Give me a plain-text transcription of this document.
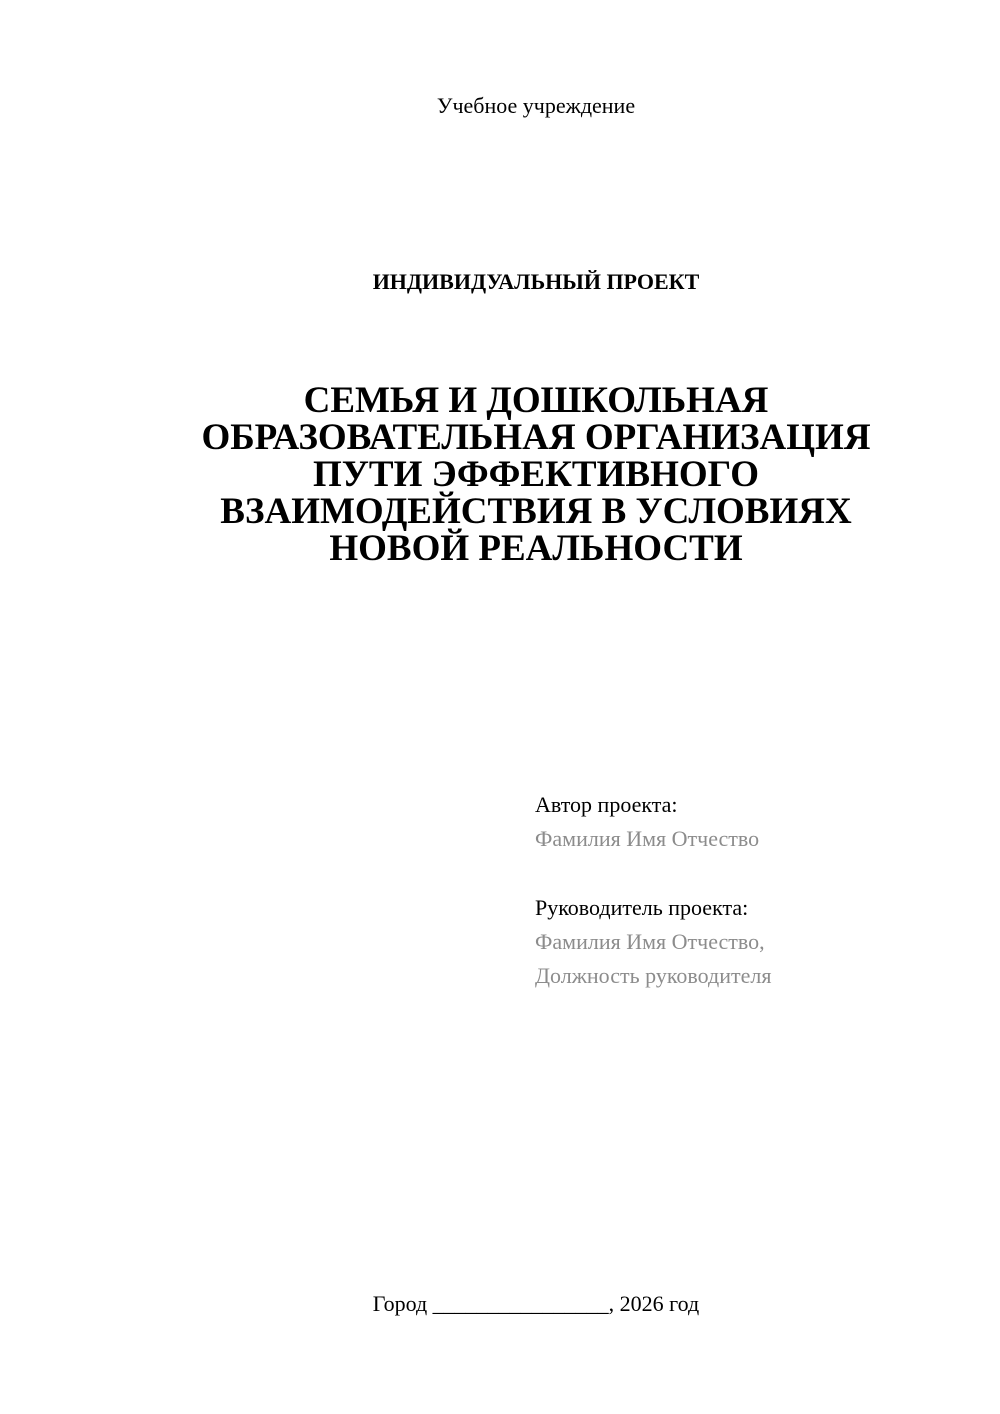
Учебное учреждение
ИНДИВИДУАЛЬНЫЙ ПРОЕКТ
СЕМЬЯ И ДОШКОЛЬНАЯ
ОБРАЗОВАТЕЛЬНАЯ ОРГАНИЗАЦИЯ
ПУТИ ЭФФЕКТИВНОГО
ВЗАИМОДЕЙСТВИЯ В УСЛОВИЯХ
НОВОЙ РЕАЛЬНОСТИ
Автор проекта:
Фамилия Имя Отчество
Руководитель проекта:
Фамилия Имя Отчество,
Должность руководителя
Город ________________, 2026 год
